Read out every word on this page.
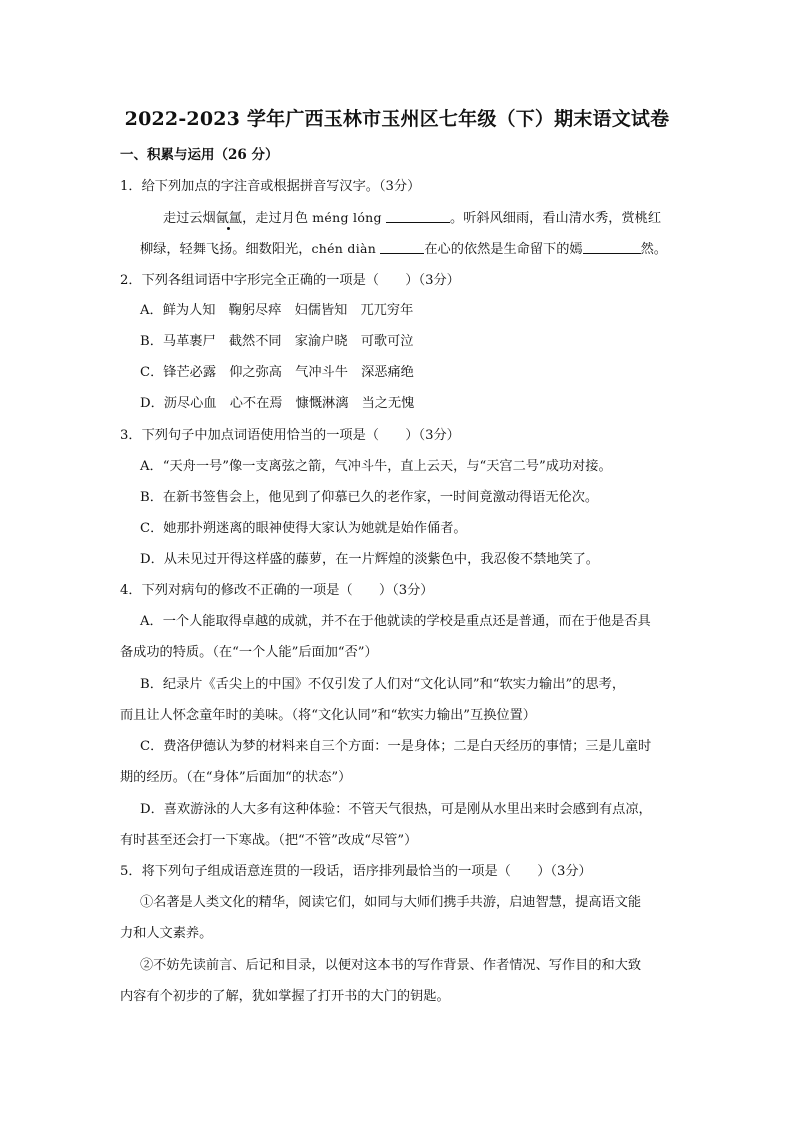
2022-2023 学年广西玉林市玉州区七年级（下）期末语文试卷
一、积累与运用（26 分）
1．给下列加点的字注音或根据拼音写汉字。（3分）
走过云烟氤氲，走过月色 méng lóng	。听斜风细雨，看山清水秀，赏桃红
柳绿，轻舞飞扬。细数阳光，chén diàn	在心的依然是生命留下的嫣	然。
2．下列各组词语中字形完全正确的一项是（　　）（3分）
A．鲜为人知　鞠躬尽瘁　妇儒皆知　兀兀穷年
B．马革裹尸　截然不同　家渝户晓　可歌可泣
C．锋芒必露　仰之弥高　气冲斗牛　深恶痛绝
D．沥尽心血　心不在焉　慷慨淋漓　当之无愧
3．下列句子中加点词语使用恰当的一项是（　　）（3分）
A．“天舟一号”像一支离弦之箭，气冲斗牛，直上云天，与“天宫二号”成功对接。
B．在新书签售会上，他见到了仰慕已久的老作家，一时间竟激动得语无伦次。
C．她那扑朔迷离的眼神使得大家认为她就是始作俑者。
D．从未见过开得这样盛的藤萝，在一片辉煌的淡紫色中，我忍俊不禁地笑了。
4．下列对病句的修改不正确的一项是（　　）（3分）
A．一个人能取得卓越的成就，并不在于他就读的学校是重点还是普通，而在于他是否具
备成功的特质。（在“一个人能”后面加“否”）
B．纪录片《舌尖上的中国》不仅引发了人们对“文化认同”和“软实力输出”的思考，
而且让人怀念童年时的美味。（将“文化认同”和“软实力输出”互换位置）
C．费洛伊德认为梦的材料来自三个方面：一是身体；二是白天经历的事情；三是儿童时
期的经历。（在“身体”后面加“的状态”）
D．喜欢游泳的人大多有这种体验：不管天气很热，可是刚从水里出来时会感到有点凉，
有时甚至还会打一下寒战。（把“不管”改成“尽管”）
5．将下列句子组成语意连贯的一段话，语序排列最恰当的一项是（　　）（3分）
①名著是人类文化的精华，阅读它们，如同与大师们携手共游，启迪智慧，提高语文能
力和人文素养。
②不妨先读前言、后记和目录，以便对这本书的写作背景、作者情况、写作目的和大致
内容有个初步的了解，犹如掌握了打开书的大门的钥匙。
